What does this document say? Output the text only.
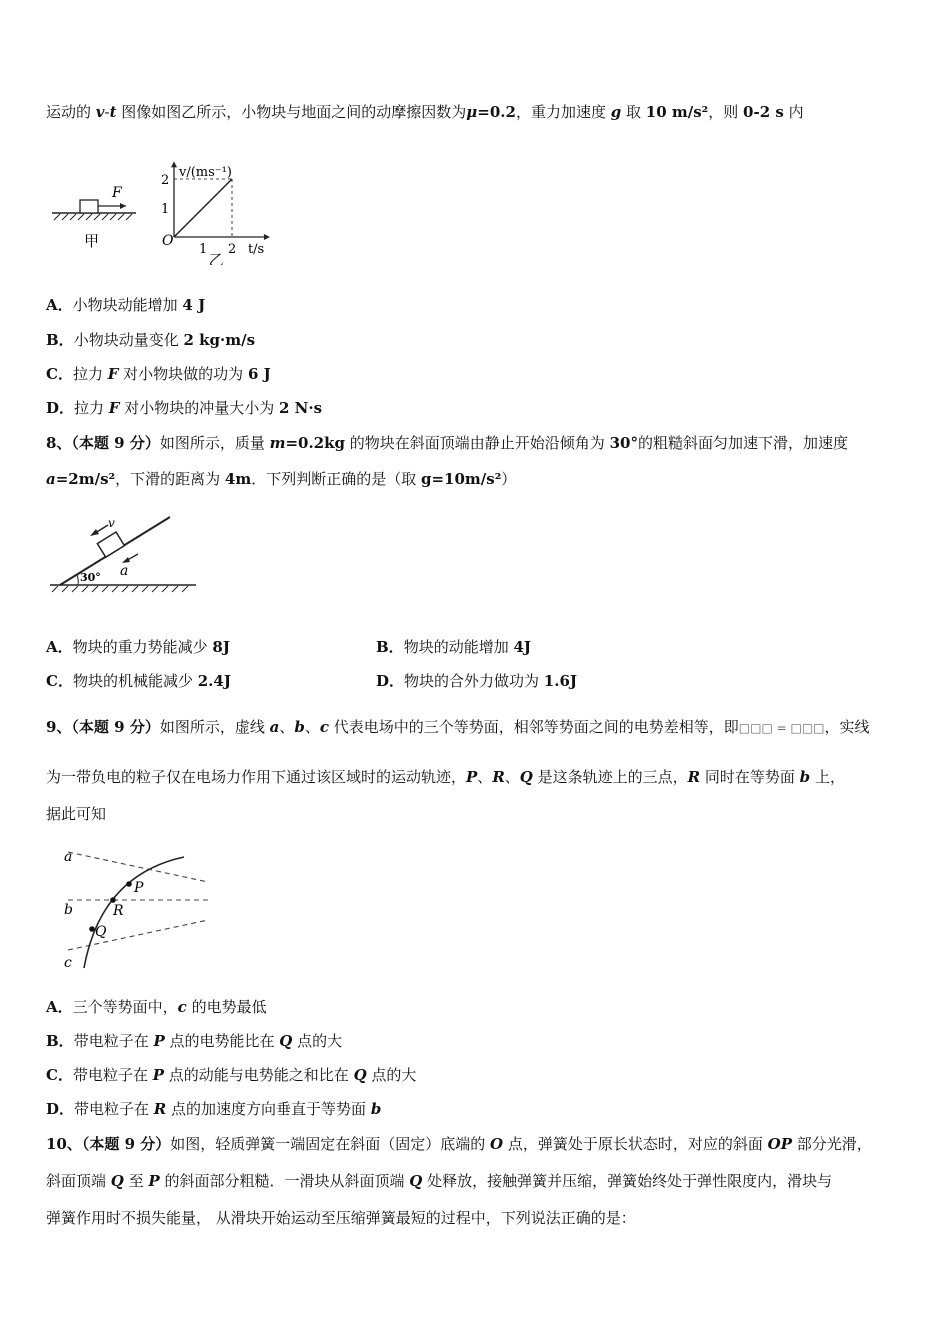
运动的 v-t 图像如图乙所示，小物块与地面之间的动摩擦因数为μ=0.2，重力加速度 g 取 10 m/s²，则 0-2 s 内
F
甲
1
2
1 2
O
v/(ms⁻¹)
t/s
乙
A．小物块动能增加 4 J
B．小物块动量变化 2 kg·m/s
C．拉力 F 对小物块做的功为 6 J
D．拉力 F 对小物块的冲量大小为 2 N·s
8、（本题 9 分）如图所示，质量 m=0.2kg 的物块在斜面顶端由静止开始沿倾角为 30°的粗糙斜面匀加速下滑，加速度
a=2m/s²，下滑的距离为 4m．下列判断正确的是（取 g=10m/s²）
30°
v
a
A．物块的重力势能减少 8J	B．物块的动能增加 4J
C．物块的机械能减少 2.4J	D．物块的合外力做功为 1.6J
9、（本题 9 分）如图所示，虚线 a、b、c 代表电场中的三个等势面，相邻等势面之间的电势差相等，即□□□ = □□□，实线
为一带负电的粒子仅在电场力作用下通过该区域时的运动轨迹，P、R、Q 是这条轨迹上的三点，R 同时在等势面 b 上，
据此可知
a
b
c
P
R
Q
A．三个等势面中，c 的电势最低
B．带电粒子在 P 点的电势能比在 Q 点的大
C．带电粒子在 P 点的动能与电势能之和比在 Q 点的大
D．带电粒子在 R 点的加速度方向垂直于等势面 b
10、（本题 9 分）如图，轻质弹簧一端固定在斜面（固定）底端的 O 点，弹簧处于原长状态时，对应的斜面 OP 部分光滑，
斜面顶端 Q 至 P 的斜面部分粗糙．一滑块从斜面顶端 Q 处释放，接触弹簧并压缩，弹簧始终处于弹性限度内，滑块与
弹簧作用时不损失能量， 从滑块开始运动至压缩弹簧最短的过程中，下列说法正确的是：
